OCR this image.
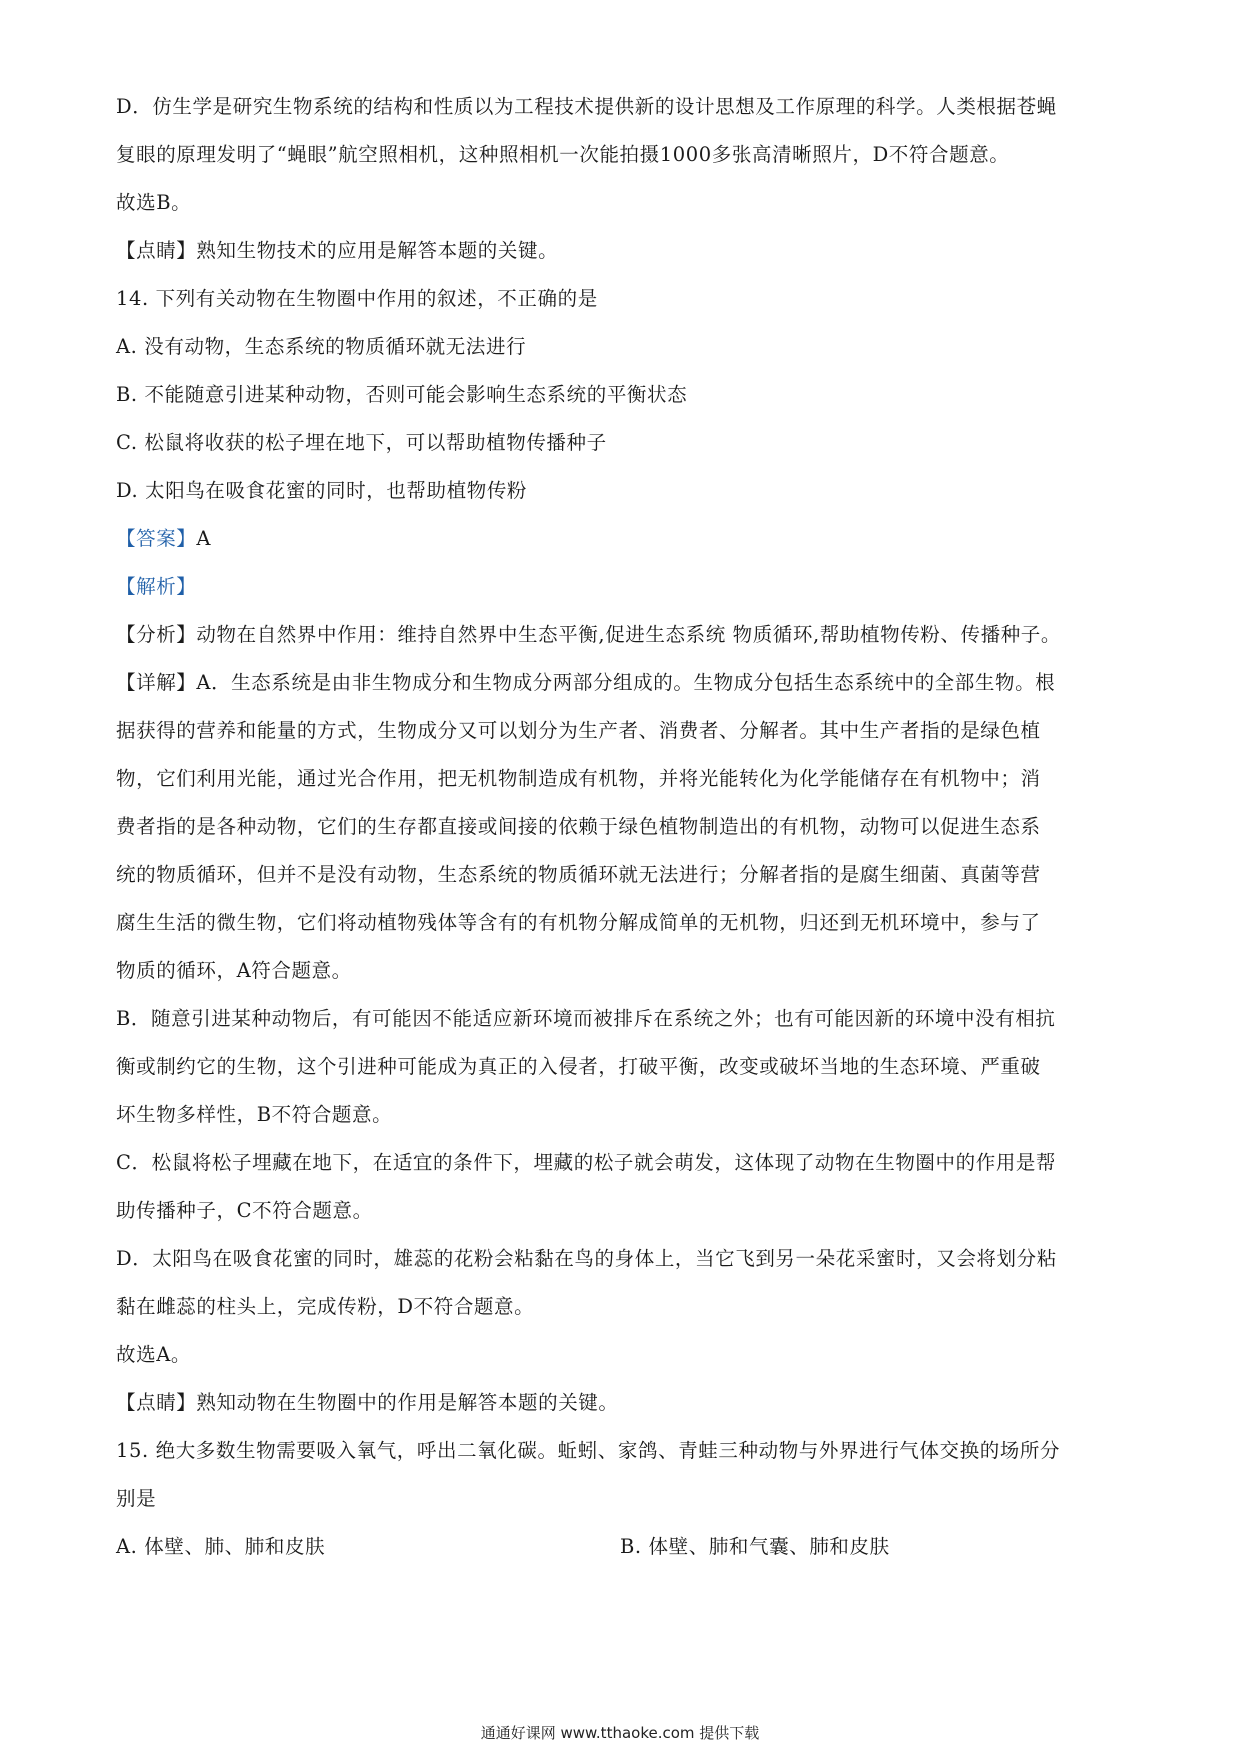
D．仿生学是研究生物系统的结构和性质以为工程技术提供新的设计思想及工作原理的科学。人类根据苍蝇
复眼的原理发明了“蝇眼”航空照相机，这种照相机一次能拍摄1000多张高清晰照片，D不符合题意。
故选B。
【点睛】熟知生物技术的应用是解答本题的关键。
14. 下列有关动物在生物圈中作用的叙述，不正确的是
A. 没有动物，生态系统的物质循环就无法进行
B. 不能随意引进某种动物，否则可能会影响生态系统的平衡状态
C. 松鼠将收获的松子埋在地下，可以帮助植物传播种子
D. 太阳鸟在吸食花蜜的同时，也帮助植物传粉
【答案】A
【解析】
【分析】动物在自然界中作用：维持自然界中生态平衡,促进生态系统 物质循环,帮助植物传粉、传播种子。
【详解】A．生态系统是由非生物成分和生物成分两部分组成的。生物成分包括生态系统中的全部生物。根
据获得的营养和能量的方式，生物成分又可以划分为生产者、消费者、分解者。其中生产者指的是绿色植
物，它们利用光能，通过光合作用，把无机物制造成有机物，并将光能转化为化学能储存在有机物中；消
费者指的是各种动物，它们的生存都直接或间接的依赖于绿色植物制造出的有机物，动物可以促进生态系
统的物质循环，但并不是没有动物，生态系统的物质循环就无法进行；分解者指的是腐生细菌、真菌等营
腐生生活的微生物，它们将动植物残体等含有的有机物分解成简单的无机物，归还到无机环境中，参与了
物质的循环，A符合题意。
B．随意引进某种动物后，有可能因不能适应新环境而被排斥在系统之外；也有可能因新的环境中没有相抗
衡或制约它的生物，这个引进种可能成为真正的入侵者，打破平衡，改变或破坏当地的生态环境、严重破
坏生物多样性，B不符合题意。
C．松鼠将松子埋藏在地下，在适宜的条件下，埋藏的松子就会萌发，这体现了动物在生物圈中的作用是帮
助传播种子，C不符合题意。
D．太阳鸟在吸食花蜜的同时，雄蕊的花粉会粘黏在鸟的身体上，当它飞到另一朵花采蜜时，又会将划分粘
黏在雌蕊的柱头上，完成传粉，D不符合题意。
故选A。
【点睛】熟知动物在生物圈中的作用是解答本题的关键。
15. 绝大多数生物需要吸入氧气，呼出二氧化碳。蚯蚓、家鸽、青蛙三种动物与外界进行气体交换的场所分
别是
A. 体壁、肺、肺和皮肤	B. 体壁、肺和气囊、肺和皮肤
通通好课网 www.tthaoke.com 提供下载
